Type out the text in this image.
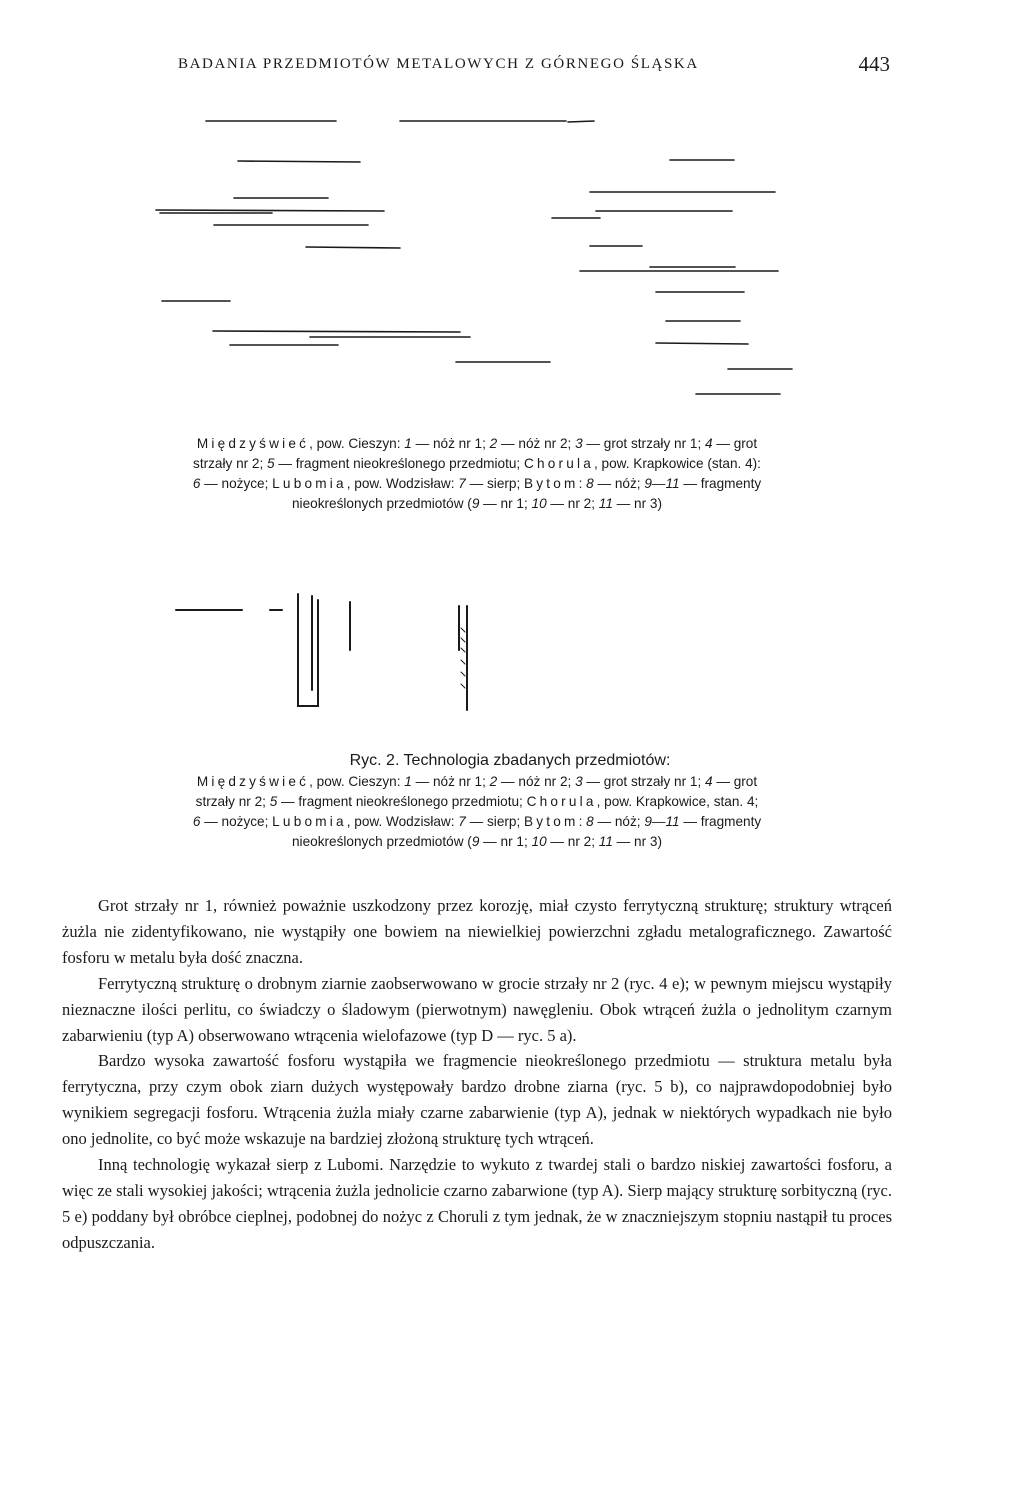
BADANIA PRZEDMIOTÓW METALOWYCH Z GÓRNEGO ŚLĄSKA	443
Międzyświeć, pow. Cieszyn: 1 — nóż nr 1; 2 — nóż nr 2; 3 — grot strzały nr 1; 4 — grot
strzały nr 2; 5 — fragment nieokreślonego przedmiotu; Chorula, pow. Krapkowice (stan. 4):
6 — nożyce; Lubomia, pow. Wodzisław: 7 — sierp; Bytom: 8 — nóż; 9—11 — fragmenty
nieokreślonych przedmiotów (9 — nr 1; 10 — nr 2; 11 — nr 3)
Ryc. 2. Technologia zbadanych przedmiotów:
Międzyświeć, pow. Cieszyn: 1 — nóż nr 1; 2 — nóż nr 2; 3 — grot strzały nr 1; 4 — grot
strzały nr 2; 5 — fragment nieokreślonego przedmiotu; Chorula, pow. Krapkowice, stan. 4;
6 — nożyce; Lubomia, pow. Wodzisław: 7 — sierp; Bytom: 8 — nóż; 9—11 — fragmenty
nieokreślonych przedmiotów (9 — nr 1; 10 — nr 2; 11 — nr 3)

Grot strzały nr 1, również poważnie uszkodzony przez korozję, miał czysto ferrytyczną strukturę; struktury wtrąceń żużla nie zidentyfikowano, nie wystąpiły one bowiem na niewielkiej powierzchni zgładu metalograficznego. Zawartość fosforu w metalu była dość znaczna.

Ferrytyczną strukturę o drobnym ziarnie zaobserwowano w grocie strzały nr 2 (ryc. 4 e); w pewnym miejscu wystąpiły nieznaczne ilości perlitu, co świadczy o śladowym (pierwotnym) nawęgleniu. Obok wtrąceń żużla o jednolitym czarnym zabarwieniu (typ A) obserwowano wtrącenia wielofazowe (typ D — ryc. 5 a).

Bardzo wysoka zawartość fosforu wystąpiła we fragmencie nieokreślonego przedmiotu — struktura metalu była ferrytyczna, przy czym obok ziarn dużych występowały bardzo drobne ziarna (ryc. 5 b), co najprawdopodobniej było wynikiem segregacji fosforu. Wtrącenia żużla miały czarne zabarwienie (typ A), jednak w niektórych wypadkach nie było ono jednolite, co być może wskazuje na bardziej złożoną strukturę tych wtrąceń.

Inną technologię wykazał sierp z Lubomi. Narzędzie to wykuto z twardej stali o bardzo niskiej zawartości fosforu, a więc ze stali wysokiej jakości; wtrącenia żużla jednolicie czarno zabarwione (typ A). Sierp mający strukturę sorbityczną (ryc. 5 e) poddany był obróbce cieplnej, podobnej do nożyc z Choruli z tym jednak, że w znaczniejszym stopniu nastąpił tu proces odpuszczania.
